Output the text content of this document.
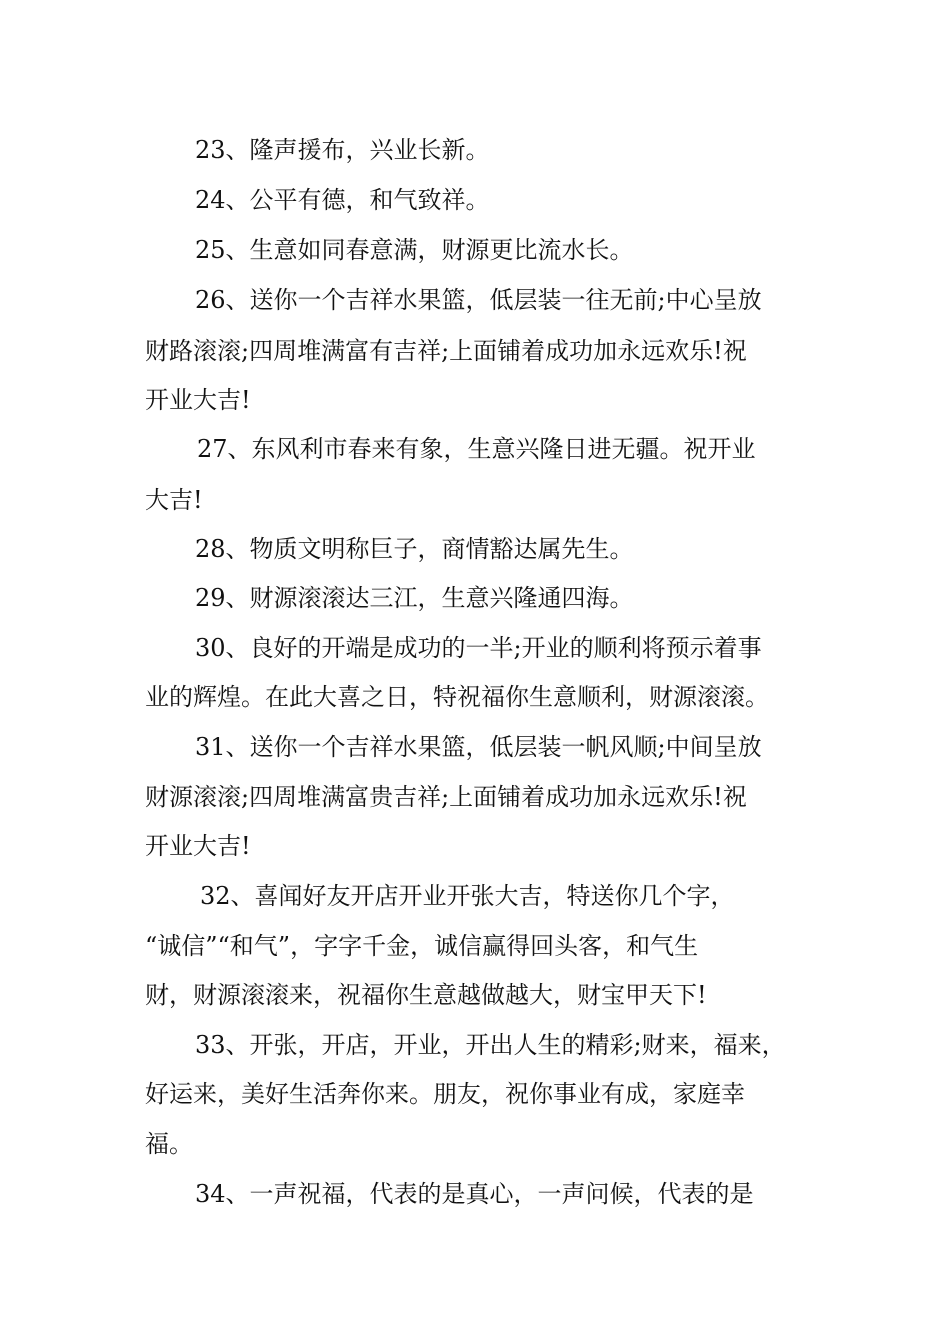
23、隆声援布，兴业长新。
24、公平有德，和气致祥。
25、生意如同春意满，财源更比流水长。
26、送你一个吉祥水果篮，低层装一往无前;中心呈放
财路滚滚;四周堆满富有吉祥;上面铺着成功加永远欢乐!祝
开业大吉!
27、东风利市春来有象，生意兴隆日进无疆。祝开业
大吉!
28、物质文明称巨子，商情豁达属先生。
29、财源滚滚达三江，生意兴隆通四海。
30、良好的开端是成功的一半;开业的顺利将预示着事
业的辉煌。在此大喜之日，特祝福你生意顺利，财源滚滚。
31、送你一个吉祥水果篮，低层装一帆风顺;中间呈放
财源滚滚;四周堆满富贵吉祥;上面铺着成功加永远欢乐!祝
开业大吉!
32、喜闻好友开店开业开张大吉，特送你几个字，
“诚信”“和气”，字字千金，诚信赢得回头客，和气生
财，财源滚滚来，祝福你生意越做越大，财宝甲天下!
33、开张，开店，开业，开出人生的精彩;财来，福来，
好运来，美好生活奔你来。朋友，祝你事业有成，家庭幸
福。
34、一声祝福，代表的是真心，一声问候，代表的是
